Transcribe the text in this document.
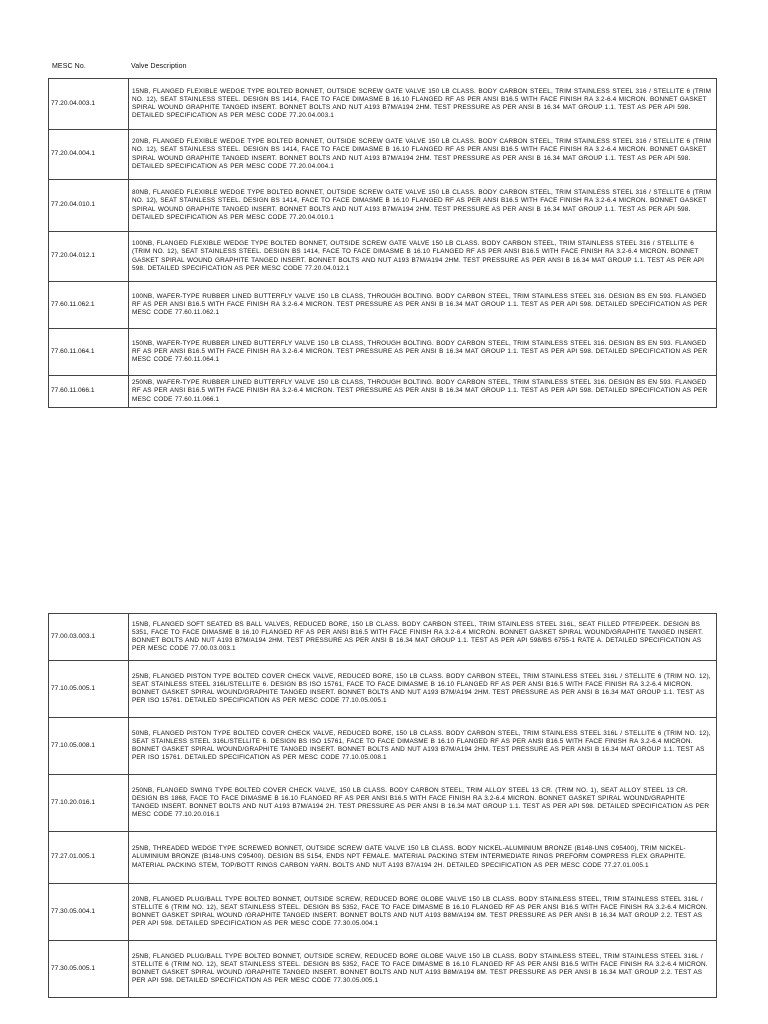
MESC No.	Valve Description
77.20.04.003.1	15NB, FLANGED FLEXIBLE WEDGE TYPE BOLTED BONNET, OUTSIDE SCREW GATE VALVE 150 LB CLASS. BODY CARBON STEEL, TRIM STAINLESS STEEL 316 / STELLITE 6 (TRIM NO. 12), SEAT STAINLESS STEEL. DESIGN BS 1414, FACE TO FACE DIMASME B 16.10 FLANGED RF AS PER ANSI B16.5 WITH FACE FINISH RA 3.2-6.4 MICRON. BONNET GASKET SPIRAL WOUND GRAPHITE TANGED INSERT. BONNET BOLTS AND NUT A193 B7M/A194 2HM. TEST PRESSURE AS PER ANSI B 16.34 MAT GROUP 1.1. TEST AS PER API 598. DETAILED SPECIFICATION AS PER MESC CODE 77.20.04.003.1
77.20.04.004.1	20NB, FLANGED FLEXIBLE WEDGE TYPE BOLTED BONNET, OUTSIDE SCREW GATE VALVE 150 LB CLASS. BODY CARBON STEEL, TRIM STAINLESS STEEL 316 / STELLITE 6 (TRIM NO. 12), SEAT STAINLESS STEEL. DESIGN BS 1414, FACE TO FACE DIMASME B 16.10 FLANGED RF AS PER ANSI B16.5 WITH FACE FINISH RA 3.2-6.4 MICRON. BONNET GASKET SPIRAL WOUND GRAPHITE TANGED INSERT. BONNET BOLTS AND NUT A193 B7M/A194 2HM. TEST PRESSURE AS PER ANSI B 16.34 MAT GROUP 1.1. TEST AS PER API 598. DETAILED SPECIFICATION AS PER MESC CODE 77.20.04.004.1
77.20.04.010.1	80NB, FLANGED FLEXIBLE WEDGE TYPE BOLTED BONNET, OUTSIDE SCREW GATE VALVE 150 LB CLASS. BODY CARBON STEEL, TRIM STAINLESS STEEL 316 / STELLITE 6 (TRIM NO. 12), SEAT STAINLESS STEEL. DESIGN BS 1414, FACE TO FACE DIMASME B 16.10 FLANGED RF AS PER ANSI B16.5 WITH FACE FINISH RA 3.2-6.4 MICRON. BONNET GASKET SPIRAL WOUND GRAPHITE TANGED INSERT. BONNET BOLTS AND NUT A193 B7M/A194 2HM. TEST PRESSURE AS PER ANSI B 16.34 MAT GROUP 1.1. TEST AS PER API 598. DETAILED SPECIFICATION AS PER MESC CODE 77.20.04.010.1
77.20.04.012.1	100NB, FLANGED FLEXIBLE WEDGE TYPE BOLTED BONNET, OUTSIDE SCREW GATE VALVE 150 LB CLASS. BODY CARBON STEEL, TRIM STAINLESS STEEL 316 / STELLITE 6 (TRIM NO. 12), SEAT STAINLESS STEEL. DESIGN BS 1414, FACE TO FACE DIMASME B 16.10 FLANGED RF AS PER ANSI B16.5 WITH FACE FINISH RA 3.2-6.4 MICRON. BONNET GASKET SPIRAL WOUND GRAPHITE TANGED INSERT. BONNET BOLTS AND NUT A193 B7M/A194 2HM. TEST PRESSURE AS PER ANSI B 16.34 MAT GROUP 1.1. TEST AS PER API 598. DETAILED SPECIFICATION AS PER MESC CODE 77.20.04.012.1
77.60.11.062.1	100NB, WAFER-TYPE RUBBER LINED BUTTERFLY VALVE 150 LB CLASS, THROUGH BOLTING. BODY CARBON STEEL, TRIM STAINLESS STEEL 316. DESIGN BS EN 593. FLANGED RF AS PER ANSI B16.5 WITH FACE FINISH RA 3.2-6.4 MICRON. TEST PRESSURE AS PER ANSI B 16.34 MAT GROUP 1.1. TEST AS PER API 598. DETAILED SPECIFICATION AS PER MESC CODE 77.60.11.062.1
77.60.11.064.1	150NB, WAFER-TYPE RUBBER LINED BUTTERFLY VALVE 150 LB CLASS, THROUGH BOLTING. BODY CARBON STEEL, TRIM STAINLESS STEEL 316. DESIGN BS EN 593. FLANGED RF AS PER ANSI B16.5 WITH FACE FINISH RA 3.2-6.4 MICRON. TEST PRESSURE AS PER ANSI B 16.34 MAT GROUP 1.1. TEST AS PER API 598. DETAILED SPECIFICATION AS PER MESC CODE 77.60.11.064.1
77.60.11.066.1	250NB, WAFER-TYPE RUBBER LINED BUTTERFLY VALVE 150 LB CLASS, THROUGH BOLTING. BODY CARBON STEEL, TRIM STAINLESS STEEL 316. DESIGN BS EN 593. FLANGED RF AS PER ANSI B16.5 WITH FACE FINISH RA 3.2-6.4 MICRON. TEST PRESSURE AS PER ANSI B 16.34 MAT GROUP 1.1. TEST AS PER API 598. DETAILED SPECIFICATION AS PER MESC CODE 77.60.11.066.1
77.00.03.003.1	15NB, FLANGED SOFT SEATED BS BALL VALVES, REDUCED BORE, 150 LB CLASS. BODY CARBON STEEL, TRIM STAINLESS STEEL 316L, SEAT FILLED PTFE/PEEK. DESIGN BS 5351, FACE TO FACE DIMASME B 16.10 FLANGED RF AS PER ANSI B16.5 WITH FACE FINISH RA 3.2-6.4 MICRON. BONNET GASKET SPIRAL WOUND/GRAPHITE TANGED INSERT. BONNET BOLTS AND NUT A193 B7M/A194 2HM. TEST PRESSURE AS PER ANSI B 16.34 MAT GROUP 1.1. TEST AS PER API 598/BS 6755-1 RATE A. DETAILED SPECIFICATION AS PER MESC CODE 77.00.03.003.1
77.10.05.005.1	25NB, FLANGED PISTON TYPE BOLTED COVER CHECK VALVE, REDUCED BORE, 150 LB CLASS. BODY CARBON STEEL, TRIM STAINLESS STEEL 316L / STELLITE 6 (TRIM NO. 12), SEAT STAINLESS STEEL 316L/STELLITE 6. DESIGN BS ISO 15761, FACE TO FACE DIMASME B 16.10 FLANGED RF AS PER ANSI B16.5 WITH FACE FINISH RA 3.2-6.4 MICRON. BONNET GASKET SPIRAL WOUND/GRAPHITE TANGED INSERT. BONNET BOLTS AND NUT A193 B7M/A194 2HM. TEST PRESSURE AS PER ANSI B 16.34 MAT GROUP 1.1. TEST AS PER ISO 15761. DETAILED SPECIFICATION AS PER MESC CODE 77.10.05.005.1
77.10.05.008.1	50NB, FLANGED PISTON TYPE BOLTED COVER CHECK VALVE, REDUCED BORE, 150 LB CLASS. BODY CARBON STEEL, TRIM STAINLESS STEEL 316L / STELLITE 6 (TRIM NO. 12), SEAT STAINLESS STEEL 316L/STELLITE 6. DESIGN BS ISO 15761, FACE TO FACE DIMASME B 16.10 FLANGED RF AS PER ANSI B16.5 WITH FACE FINISH RA 3.2-6.4 MICRON. BONNET GASKET SPIRAL WOUND/GRAPHITE TANGED INSERT. BONNET BOLTS AND NUT A193 B7M/A194 2HM. TEST PRESSURE AS PER ANSI B 16.34 MAT GROUP 1.1. TEST AS PER ISO 15761. DETAILED SPECIFICATION AS PER MESC CODE 77.10.05.008.1
77.10.20.016.1	250NB, FLANGED SWING TYPE BOLTED COVER CHECK VALVE, 150 LB CLASS. BODY CARBON STEEL, TRIM ALLOY STEEL 13 CR. (TRIM NO. 1), SEAT ALLOY STEEL 13 CR. DESIGN BS 1868, FACE TO FACE DIMASME B 16.10 FLANGED RF AS PER ANSI B16.5 WITH FACE FINISH RA 3.2-6.4 MICRON. BONNET GASKET SPIRAL WOUND/GRAPHITE TANGED INSERT. BONNET BOLTS AND NUT A193 B7M/A194 2H. TEST PRESSURE AS PER ANSI B 16.34 MAT GROUP 1.1. TEST AS PER API 598. DETAILED SPECIFICATION AS PER MESC CODE 77.10.20.016.1
77.27.01.005.1	25NB, THREADED WEDGE TYPE SCREWED BONNET, OUTSIDE SCREW GATE VALVE 150 LB CLASS. BODY NICKEL-ALUMINIUM BRONZE (B148-UNS C95400), TRIM NICKEL-ALUMINIUM BRONZE (B148-UNS C95400). DESIGN BS 5154, ENDS NPT FEMALE. MATERIAL PACKING STEM INTERMEDIATE RINGS PREFORM COMPRESS FLEX GRAPHITE. MATERIAL PACKING STEM, TOP/BOTT RINGS CARBON YARN. BOLTS AND NUT A193 B7/A194 2H. DETAILED SPECIFICATION AS PER MESC CODE 77.27.01.005.1
77.30.05.004.1	20NB, FLANGED PLUG/BALL TYPE BOLTED BONNET, OUTSIDE SCREW, REDUCED BORE GLOBE VALVE 150 LB CLASS. BODY STAINLESS STEEL, TRIM STAINLESS STEEL 316L / STELLITE 6 (TRIM NO. 12), SEAT STAINLESS STEEL. DESIGN BS 5352, FACE TO FACE DIMASME B 16.10 FLANGED RF AS PER ANSI B16.5 WITH FACE FINISH RA 3.2-6.4 MICRON. BONNET GASKET SPIRAL WOUND /GRAPHITE TANGED INSERT. BONNET BOLTS AND NUT A193 B8M/A194 8M. TEST PRESSURE AS PER ANSI B 16.34 MAT GROUP 2.2. TEST AS PER API 598. DETAILED SPECIFICATION AS PER MESC CODE 77.30.05.004.1
77.30.05.005.1	25NB, FLANGED PLUG/BALL TYPE BOLTED BONNET, OUTSIDE SCREW, REDUCED BORE GLOBE VALVE 150 LB CLASS. BODY STAINLESS STEEL, TRIM STAINLESS STEEL 316L / STELLITE 6 (TRIM NO. 12), SEAT STAINLESS STEEL. DESIGN BS 5352, FACE TO FACE DIMASME B 16.10 FLANGED RF AS PER ANSI B16.5 WITH FACE FINISH RA 3.2-6.4 MICRON. BONNET GASKET SPIRAL WOUND /GRAPHITE TANGED INSERT. BONNET BOLTS AND NUT A193 B8M/A194 8M. TEST PRESSURE AS PER ANSI B 16.34 MAT GROUP 2.2. TEST AS PER API 598. DETAILED SPECIFICATION AS PER MESC CODE 77.30.05.005.1
